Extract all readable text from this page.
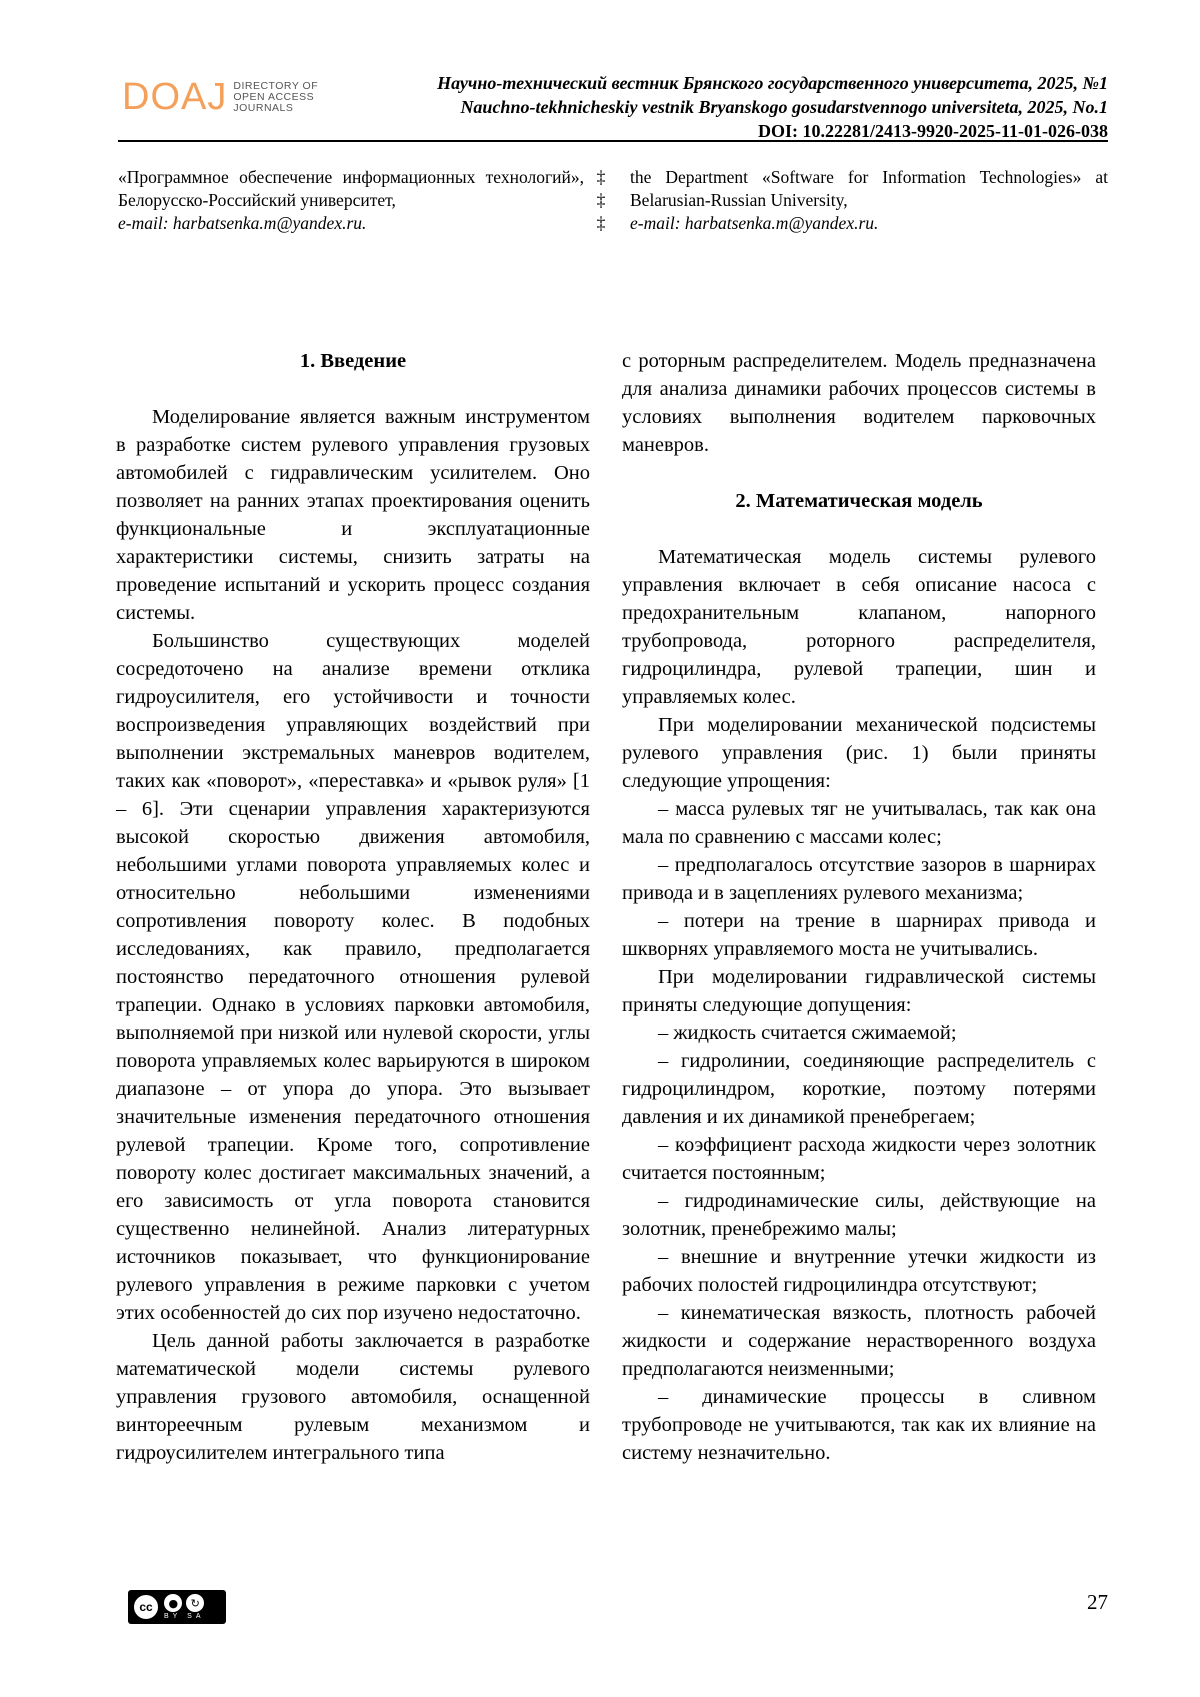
DOAJ DIRECTORY OF
OPEN ACCESS
JOURNALS
Научно-технический вестник Брянского государственного университета, 2025, №1
Nauchno-tekhnicheskiy vestnik Bryanskogo gosudarstvennogo universiteta, 2025, No.1
DOI: 10.22281/2413-9920-2025-11-01-026-038
«Программное обеспечение информационных технологий», Белорусско-Российский университет,
e-mail: harbatsenka.m@yandex.ru.
‡
‡
‡
the Department «Software for Information Technologies» at Belarusian-Russian University,
e-mail: harbatsenka.m@yandex.ru.
1. Введение

Моделирование является важным инструментом в разработке систем рулевого управления грузовых автомобилей с гидравлическим усилителем. Оно позволяет на ранних этапах проектирования оценить функциональные и эксплуатационные характеристики системы, снизить затраты на проведение испытаний и ускорить процесс создания системы.

Большинство существующих моделей сосредоточено на анализе времени отклика гидроусилителя, его устойчивости и точности воспроизведения управляющих воздействий при выполнении экстремальных маневров водителем, таких как «поворот», «переставка» и «рывок руля» [1 – 6]. Эти сценарии управления характеризуются высокой скоростью движения автомобиля, небольшими углами поворота управляемых колес и относительно небольшими изменениями сопротивления повороту колес. В подобных исследованиях, как правило, предполагается постоянство передаточного отношения рулевой трапеции. Однако в условиях парковки автомобиля, выполняемой при низкой или нулевой скорости, углы поворота управляемых колес варьируются в широком диапазоне – от упора до упора. Это вызывает значительные изменения передаточного отношения рулевой трапеции. Кроме того, сопротивление повороту колес достигает максимальных значений, а его зависимость от угла поворота становится существенно нелинейной. Анализ литературных источников показывает, что функционирование рулевого управления в режиме парковки с учетом этих особенностей до сих пор изучено недостаточно.

Цель данной работы заключается в разработке математической модели системы рулевого управления грузового автомобиля, оснащенной винтореечным рулевым механизмом и гидроусилителем интегрального типа

с роторным распределителем. Модель предназначена для анализа динамики рабочих процессов системы в условиях выполнения водителем парковочных маневров.

2. Математическая модель

Математическая модель системы рулевого управления включает в себя описание насоса с предохранительным клапаном, напорного трубопровода, роторного распределителя, гидроцилиндра, рулевой трапеции, шин и управляемых колес.

При моделировании механической подсистемы рулевого управления (рис. 1) были приняты следующие упрощения:

– масса рулевых тяг не учитывалась, так как она мала по сравнению с массами колес;

– предполагалось отсутствие зазоров в шарнирах привода и в зацеплениях рулевого механизма;

– потери на трение в шарнирах привода и шкворнях управляемого моста не учитывались.

При моделировании гидравлической системы приняты следующие допущения:

– жидкость считается сжимаемой;

– гидролинии, соединяющие распределитель с гидроцилиндром, короткие, поэтому потерями давления и их динамикой пренебрегаем;

– коэффициент расхода жидкости через золотник считается постоянным;

– гидродинамические силы, действующие на золотник, пренебрежимо малы;

– внешние и внутренние утечки жидкости из рабочих полостей гидроцилиндра отсутствуют;

– кинематическая вязкость, плотность рабочей жидкости и содержание нерастворенного воздуха предполагаются неизменными;

– динамические процессы в сливном трубопроводе не учитываются, так как их влияние на систему незначительно.

cc	●	↻
BY SA
27
